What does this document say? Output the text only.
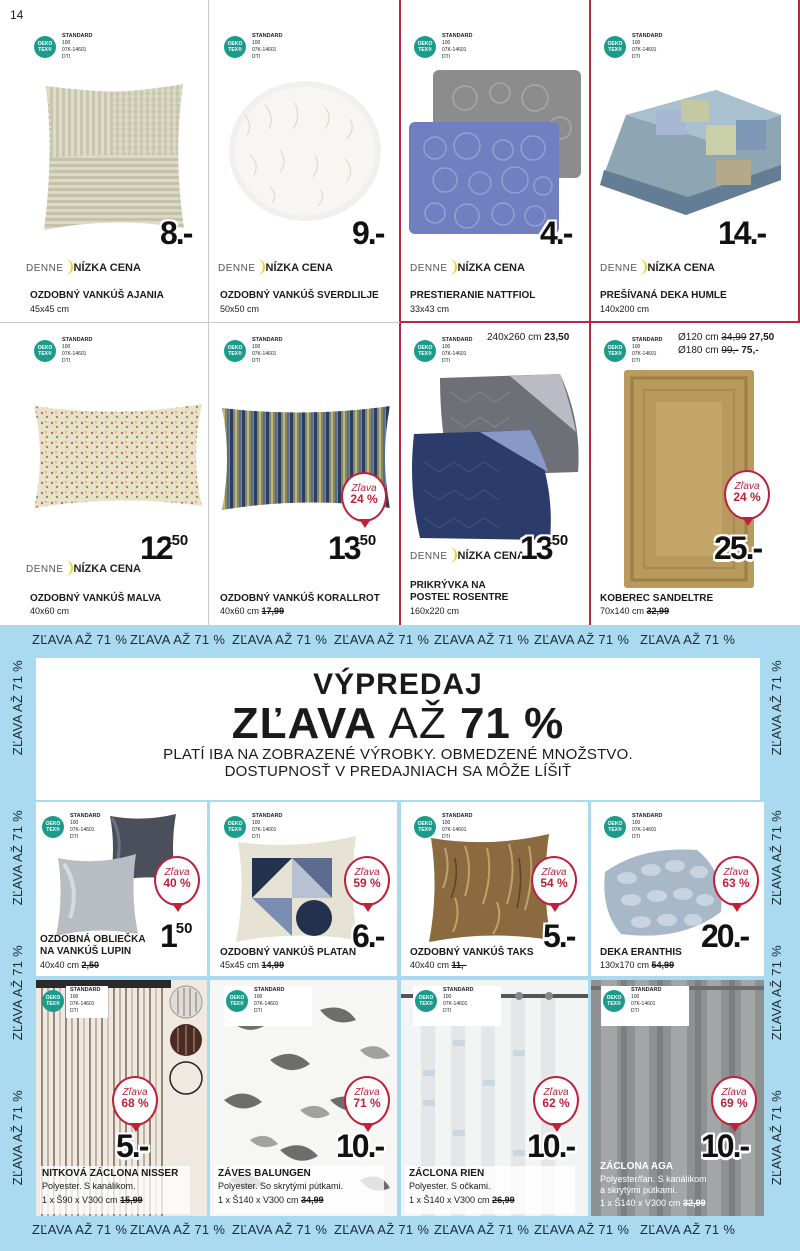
14
OEKO
TEX®
STANDARD
100
07K-14601
DTI
8.-
DENNE NÍZKA CENA
OZDOBNÝ VANKÚŠ AJANIA
45x45 cm
OEKO
TEX®
STANDARD
100
07K-14601
DTI
9.-
DENNE NÍZKA CENA
OZDOBNÝ VANKÚŠ SVERDLILJE
50x50 cm
OEKO
TEX®
STANDARD
100
07K-14601
DTI
4.-
DENNE NÍZKA CENA
PRESTIERANIE NATTFIOL
33x43 cm
OEKO
TEX®
STANDARD
100
07K-14601
DTI
14.-
DENNE NÍZKA CENA
PREŠÍVANÁ DEKA HUMLE
140x200 cm
OEKO
TEX®
STANDARD
100
07K-14601
DTI
$12^{50}$
DENNE NÍZKA CENA
OZDOBNÝ VANKÚŠ MALVA
40x60 cm
OEKO
TEX®
STANDARD
100
07K-14601
DTI
Zľava
24 %
$13^{50}$
OZDOBNÝ VANKÚŠ KORALLROT
40x60 cm 17,99
OEKO
TEX®
STANDARD
100
07K-14601
DTI
240x260 cm 23,50
DENNE NÍZKA CENA
$13^{50}$
PRIKRÝVKA NA
POSTEĽ ROSENTRE
160x220 cm
OEKO
TEX®
STANDARD
100
07K-14601
DTI
Ø120 cm 34,99 27,50
Ø180 cm 99,- 75,-
Zľava
24 %
25.-
KOBEREC SANDELTRE
70x140 cm 32,99
ZĽAVA AŽ 71 % ZĽAVA AŽ 71 % ZĽAVA AŽ 71 % ZĽAVA AŽ 71 % ZĽAVA AŽ 71 % ZĽAVA AŽ 71 % ZĽAVA AŽ 71 %
ZĽAVA AŽ 71 % ZĽAVA AŽ 71 % ZĽAVA AŽ 71 % ZĽAVA AŽ 71 % ZĽAVA AŽ 71 % ZĽAVA AŽ 71 % ZĽAVA AŽ 71 %
ZĽAVA AŽ 71 %
ZĽAVA AŽ 71 %
ZĽAVA AŽ 71 %
ZĽAVA AŽ 71 %
ZĽAVA AŽ 71 %
ZĽAVA AŽ 71 %
ZĽAVA AŽ 71 %
ZĽAVA AŽ 71 %
VÝPREDAJ
ZĽAVA AŽ 71 %
PLATÍ IBA NA ZOBRAZENÉ VÝROBKY. OBMEDZENÉ MNOŽSTVO.
DOSTUPNOSŤ V PREDAJNIACH SA MÔŽE LÍŠIŤ
OEKO
TEX®
STANDARD
100
07K-14601
DTI
Zľava
40 %
$1^{50}$
OZDOBNÁ OBLIEČKA
NA VANKÚŠ LUPIN
40x40 cm 2,50
OEKO
TEX®
STANDARD
100
07K-14601
DTI
Zľava
59 %
6.-
OZDOBNÝ VANKÚŠ PLATAN
45x45 cm 14,99
OEKO
TEX®
STANDARD
100
07K-14601
DTI
Zľava
54 %
5.-
OZDOBNÝ VANKÚŠ TAKS
40x40 cm 11,-
OEKO
TEX®
STANDARD
100
07K-14601
DTI
Zľava
63 %
20.-
DEKA ERANTHIS
130x170 cm 54,99
OEKO
TEX®
STANDARD
100
07K-14601
DTI
Zľava
68 %
5.-
NITKOVÁ ZÁCLONA NISSER
Polyester. S kanálikom.
1 x Š90 x V300 cm 15,99
OEKO
TEX®
STANDARD
100
07K-14601
DTI
Zľava
71 %
10.-
ZÁVES BALUNGEN
Polyester. So skrytými pútkami.
1 x Š140 x V300 cm 34,99
OEKO
TEX®
STANDARD
100
07K-14601
DTI
Zľava
62 %
10.-
ZÁCLONA RIEN
Polyester. S očkami.
1 x Š140 x V300 cm 26,99
OEKO
TEX®
STANDARD
100
07K-14601
DTI
Zľava
69 %
10.-
ZÁCLONA AGA
Polyester/ľan. S kanálikom
a skrytými pútkami.
1 x Š140 x V300 cm 32,99
